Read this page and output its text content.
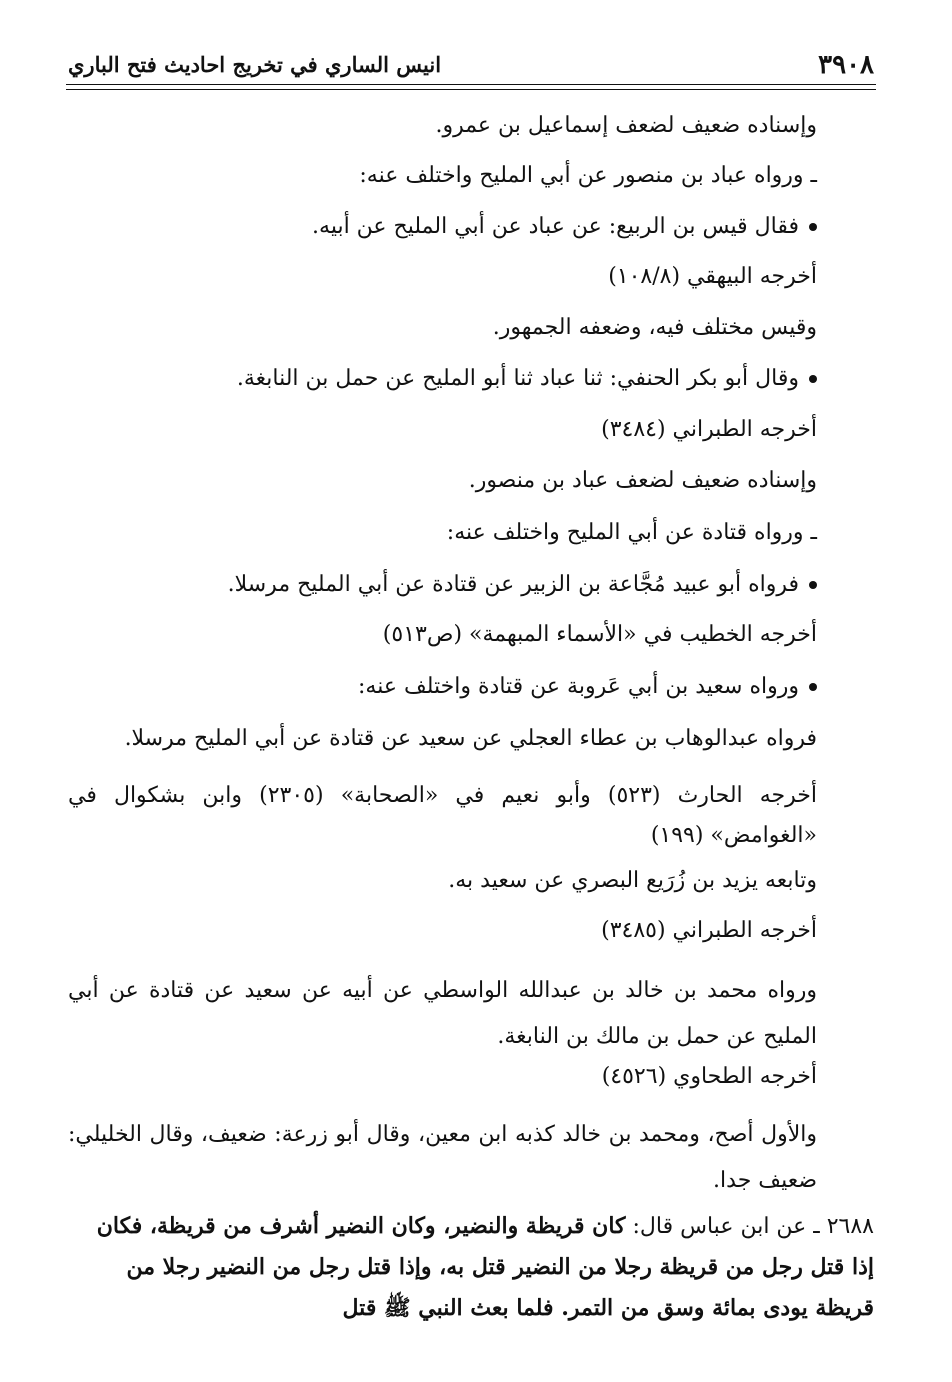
٣٩٠٨
انيس الساري في تخريج احاديث فتح الباري
وإسناده ضعيف لضعف إسماعيل بن عمرو.
ـ ورواه عباد بن منصور عن أبي المليح واختلف عنه:
فقال قيس بن الربيع: عن عباد عن أبي المليح عن أبيه.
أخرجه البيهقي (١٠٨/٨)
وقيس مختلف فيه، وضعفه الجمهور.
وقال أبو بكر الحنفي: ثنا عباد ثنا أبو المليح عن حمل بن النابغة.
أخرجه الطبراني (٣٤٨٤)
وإسناده ضعيف لضعف عباد بن منصور.
ـ ورواه قتادة عن أبي المليح واختلف عنه:
فرواه أبو عبيد مُجَّاعة بن الزبير عن قتادة عن أبي المليح مرسلا.
أخرجه الخطيب في «الأسماء المبهمة» (ص٥١٣)
ورواه سعيد بن أبي عَروبة عن قتادة واختلف عنه:
فرواه عبدالوهاب بن عطاء العجلي عن سعيد عن قتادة عن أبي المليح مرسلا.
أخرجه الحارث (٥٢٣) وأبو نعيم في «الصحابة» (٢٣٠٥) وابن بشكوال في «الغوامض» (١٩٩)
وتابعه يزيد بن زُرَيع البصري عن سعيد به.
أخرجه الطبراني (٣٤٨٥)
ورواه محمد بن خالد بن عبدالله الواسطي عن أبيه عن سعيد عن قتادة عن أبي المليح عن حمل بن مالك بن النابغة.
أخرجه الطحاوي (٤٥٢٦)
والأول أصح، ومحمد بن خالد كذبه ابن معين، وقال أبو زرعة: ضعيف، وقال الخليلي: ضعيف جدا.
٢٦٨٨ ـ عن ابن عباس قال: كان قريظة والنضير، وكان النضير أشرف من قريظة، فكان إذا قتل رجل من قريظة رجلا من النضير قتل به، وإذا قتل رجل من النضير رجلا من قريظة يودى بمائة وسق من التمر. فلما بعث النبي ﷺ قتل
